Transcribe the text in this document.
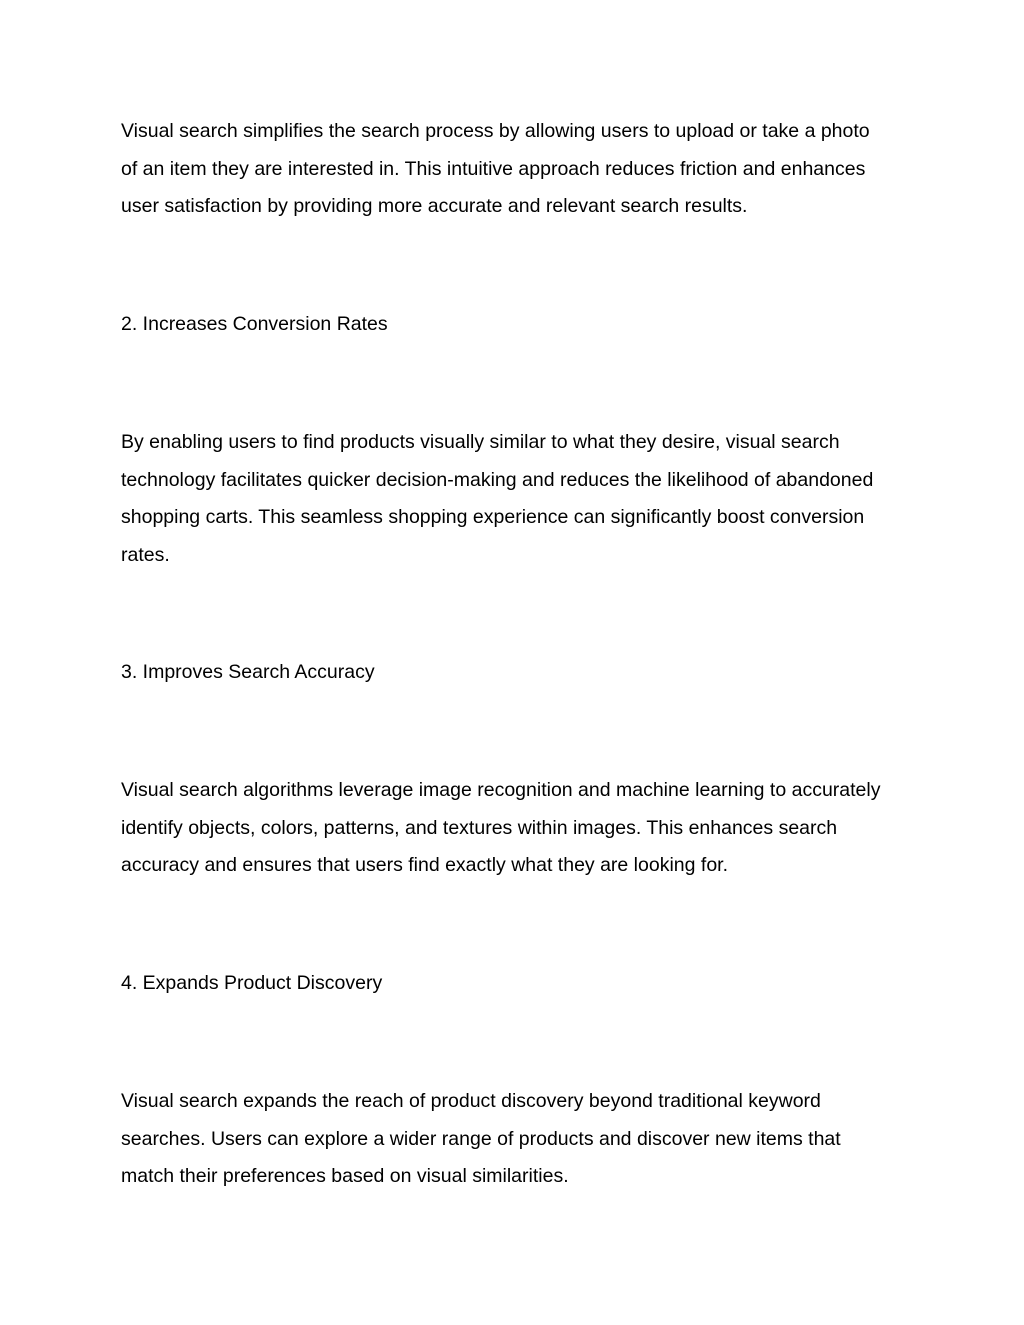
Visual search simplifies the search process by allowing users to upload or take a photo
of an item they are interested in. This intuitive approach reduces friction and enhances
user satisfaction by providing more accurate and relevant search results.

2. Increases Conversion Rates

By enabling users to find products visually similar to what they desire, visual search
technology facilitates quicker decision-making and reduces the likelihood of abandoned
shopping carts. This seamless shopping experience can significantly boost conversion
rates.

3. Improves Search Accuracy

Visual search algorithms leverage image recognition and machine learning to accurately
identify objects, colors, patterns, and textures within images. This enhances search
accuracy and ensures that users find exactly what they are looking for.

4. Expands Product Discovery

Visual search expands the reach of product discovery beyond traditional keyword
searches. Users can explore a wider range of products and discover new items that
match their preferences based on visual similarities.
